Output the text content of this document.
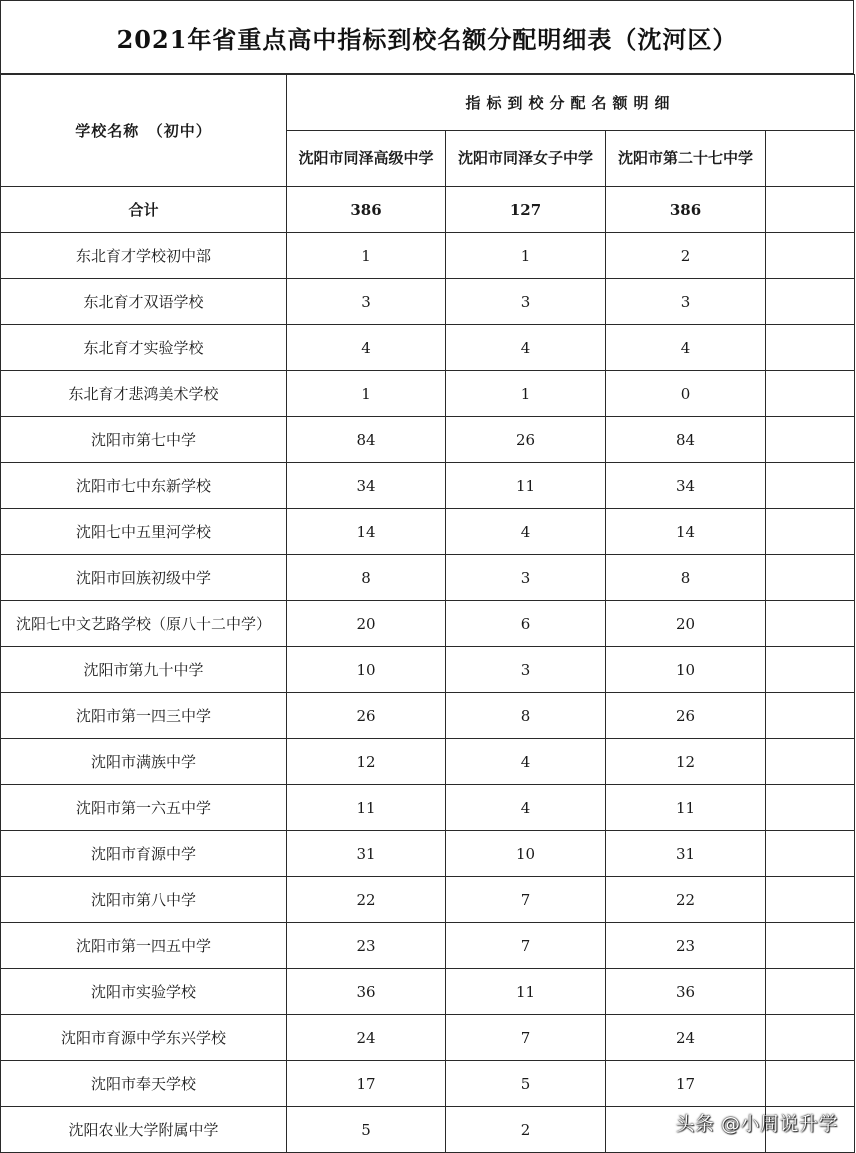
2021年省重点高中指标到校名额分配明细表（沈河区）
学校名称　（初中）	指标到校分配名额明细			
	沈阳市同泽高级中学	沈阳市同泽女子中学	沈阳市第二十七中学	
合计	386	127	386	
东北育才学校初中部	1	1	2	
东北育才双语学校	3	3	3	
东北育才实验学校	4	4	4	
东北育才悲鸿美术学校	1	1	0	
沈阳市第七中学	84	26	84	
沈阳市七中东新学校	34	11	34	
沈阳七中五里河学校	14	4	14	
沈阳市回族初级中学	8	3	8	
沈阳七中文艺路学校（原八十二中学）	20	6	20	
沈阳市第九十中学	10	3	10	
沈阳市第一四三中学	26	8	26	
沈阳市满族中学	12	4	12	
沈阳市第一六五中学	11	4	11	
沈阳市育源中学	31	10	31	
沈阳市第八中学	22	7	22	
沈阳市第一四五中学	23	7	23	
沈阳市实验学校	36	11	36	
沈阳市育源中学东兴学校	24	7	24	
沈阳市奉天学校	17	5	17	
沈阳农业大学附属中学	5	2			头条 @小周说升学
